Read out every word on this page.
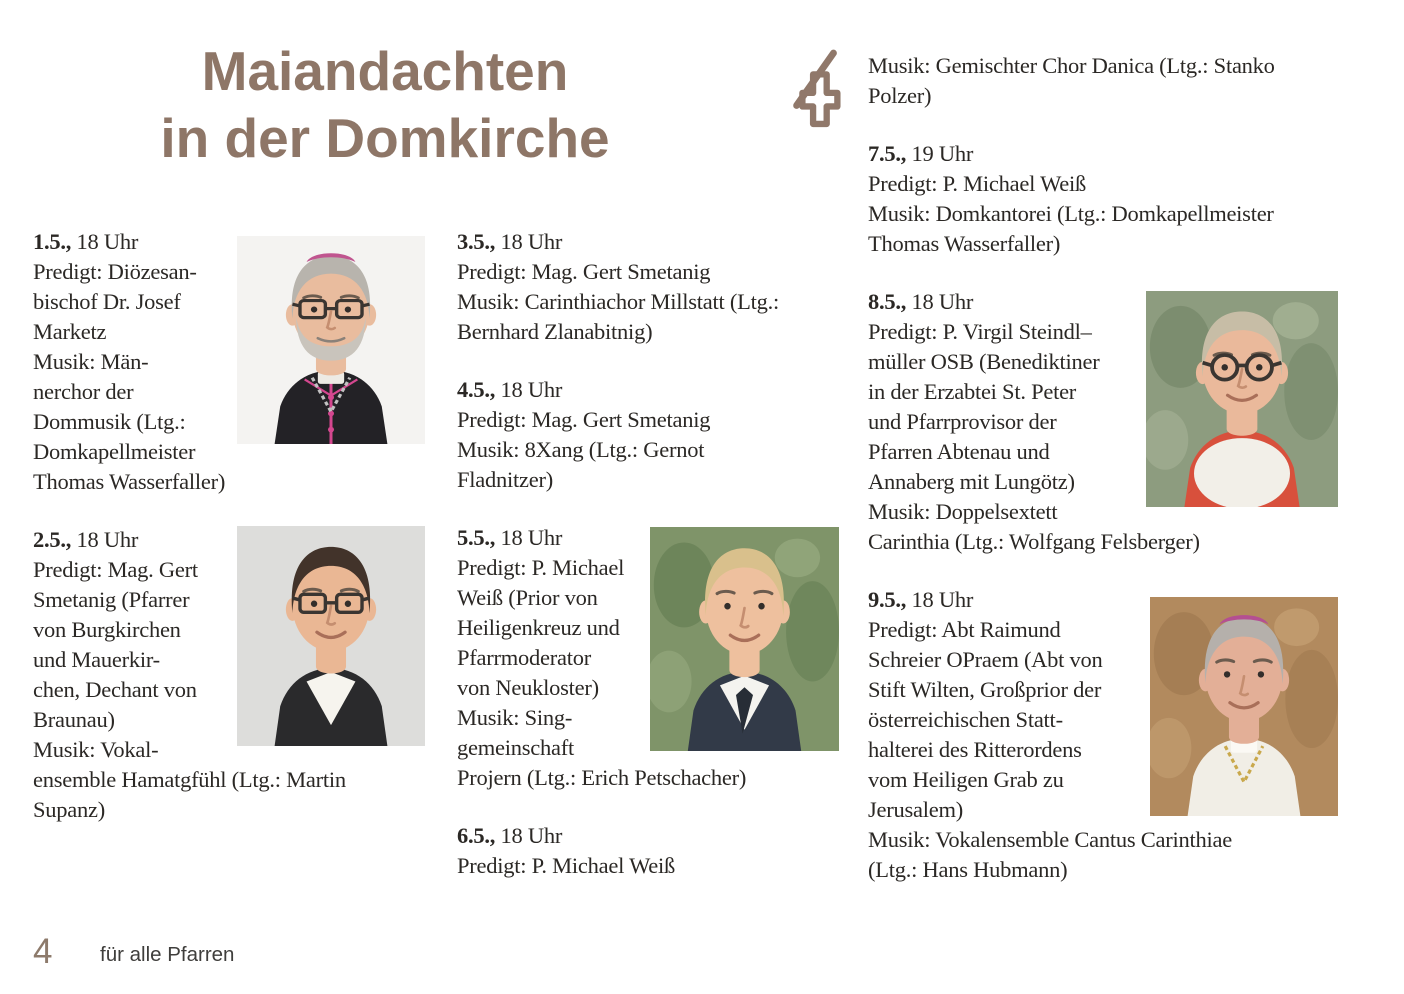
Maiandachten
in der Domkirche
1.5., 18 Uhr
Predigt: Diözesan-
bischof Dr. Josef
Marketz
Musik: Män-
nerchor der
Dommusik (Ltg.:
Domkapellmeister
Thomas Wasserfaller)
2.5., 18 Uhr
Predigt: Mag. Gert
Smetanig (Pfarrer
von Burgkirchen
und Mauerkir-
chen, Dechant von
Braunau)
Musik: Vokal-
ensemble Hamatgfühl (Ltg.: Martin
Supanz)
3.5., 18 Uhr
Predigt: Mag. Gert Smetanig
Musik: Carinthiachor Millstatt (Ltg.:
Bernhard Zlanabitnig)
4.5., 18 Uhr
Predigt: Mag. Gert Smetanig
Musik: 8Xang (Ltg.: Gernot
Fladnitzer)
5.5., 18 Uhr
Predigt: P. Michael
Weiß (Prior von
Heiligenkreuz und
Pfarrmoderator
von Neukloster)
Musik: Sing-
gemeinschaft
Projern (Ltg.: Erich Petschacher)
6.5., 18 Uhr
Predigt: P. Michael Weiß
Musik: Gemischter Chor Danica (Ltg.: Stanko
Polzer)
7.5., 19 Uhr
Predigt: P. Michael Weiß
Musik: Domkantorei (Ltg.: Domkapellmeister
Thomas Wasserfaller)
8.5., 18 Uhr
Predigt: P. Virgil Steindl–
müller OSB (Benediktiner
in der Erzabtei St. Peter
und Pfarrprovisor der
Pfarren Abtenau und
Annaberg mit Lungötz)
Musik: Doppelsextett
Carinthia (Ltg.: Wolfgang Felsberger)
9.5., 18 Uhr
Predigt: Abt Raimund
Schreier OPraem (Abt von
Stift Wilten, Großprior der
österreichischen Statt-
halterei des Ritterordens
vom Heiligen Grab zu
Jerusalem)
Musik: Vokalensemble Cantus Carinthiae
(Ltg.: Hans Hubmann)
4 für alle Pfarren
